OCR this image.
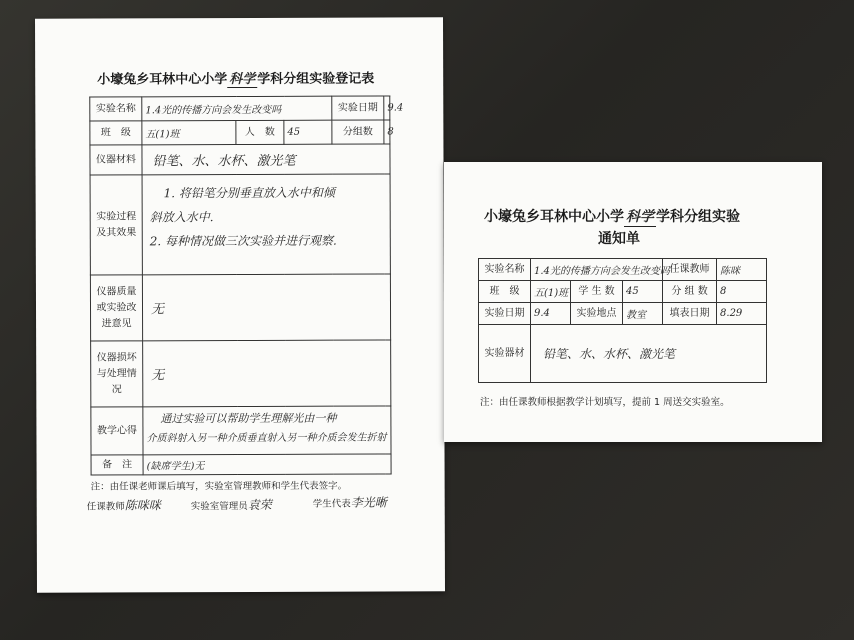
小壕兔乡耳林中心小学 科学 学科分组实验登记表
实验名称	1.4光的传播方向会发生改变吗			实验日期	9.4
班　级	五(1)班	人　数	45	分组数	8
仪器材料	铅笔、水、水杯、激光笔				
实验过程及其效果	1. 将铅笔分别垂直放入水中和倾
斜放入水中.
2. 每种情况做三次实验并进行观察.				

仪器质量或实验改进意见	无				
仪器损坏与处理情况	无				
教学心得	通过实验可以帮助学生理解光由一种
介质斜射入另一种介质垂直射入另一种介质会发生折射				

备　注	(缺席学生)无				
注：由任课老师课后填写，实验室管理教师和学生代表签字。
任课教师陈咪咪	实验室管理员袁荣	学生代表李光晰
小壕兔乡耳林中心小学 科学 学科分组实验
通知单
实验名称	1.4光的传播方向会发生改变吗			任课教师	陈咪
班　级	五(1)班	学 生 数	45	分 组 数	8
实验日期	9.4	实验地点	教室	填表日期	8.29
实验器材	铅笔、水、水杯、激光笔				
注：由任课教师根据教学计划填写，提前 1 周送交实验室。
